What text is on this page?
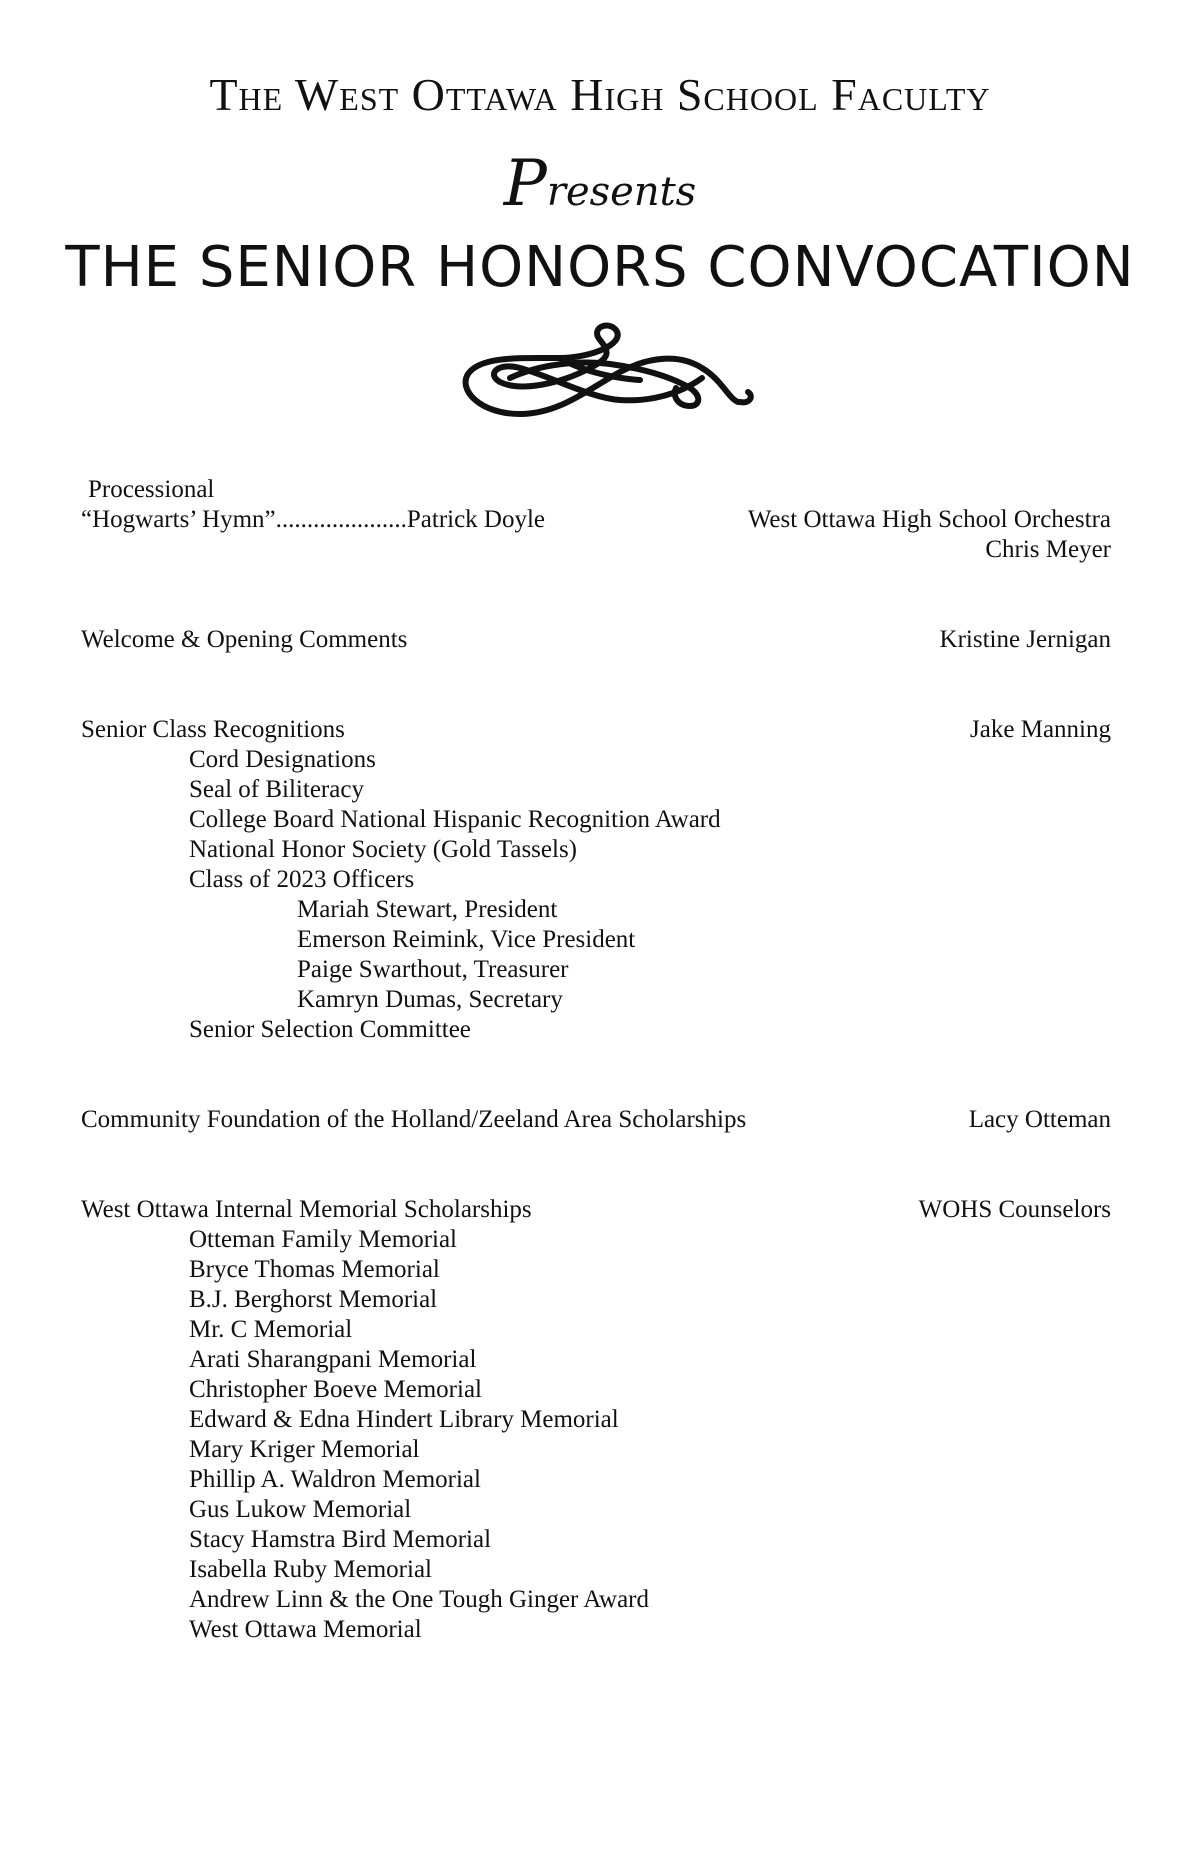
The West Ottawa High School Faculty
Presents
THE SENIOR HONORS CONVOCATION
Processional
“Hogwarts’ Hymn”.....................Patrick Doyle	West Ottawa High School Orchestra
Chris Meyer
Welcome & Opening Comments	Kristine Jernigan
Senior Class Recognitions	Jake Manning
Cord Designations
Seal of Biliteracy
College Board National Hispanic Recognition Award
National Honor Society (Gold Tassels)
Class of 2023 Officers
Mariah Stewart, President
Emerson Reimink, Vice President
Paige Swarthout, Treasurer
Kamryn Dumas, Secretary
Senior Selection Committee
Community Foundation of the Holland/Zeeland Area Scholarships	Lacy Otteman
West Ottawa Internal Memorial Scholarships	WOHS Counselors
Otteman Family Memorial
Bryce Thomas Memorial
B.J. Berghorst Memorial
Mr. C Memorial
Arati Sharangpani Memorial
Christopher Boeve Memorial
Edward & Edna Hindert Library Memorial
Mary Kriger Memorial
Phillip A. Waldron Memorial
Gus Lukow Memorial
Stacy Hamstra Bird Memorial
Isabella Ruby Memorial
Andrew Linn & the One Tough Ginger Award
West Ottawa Memorial
